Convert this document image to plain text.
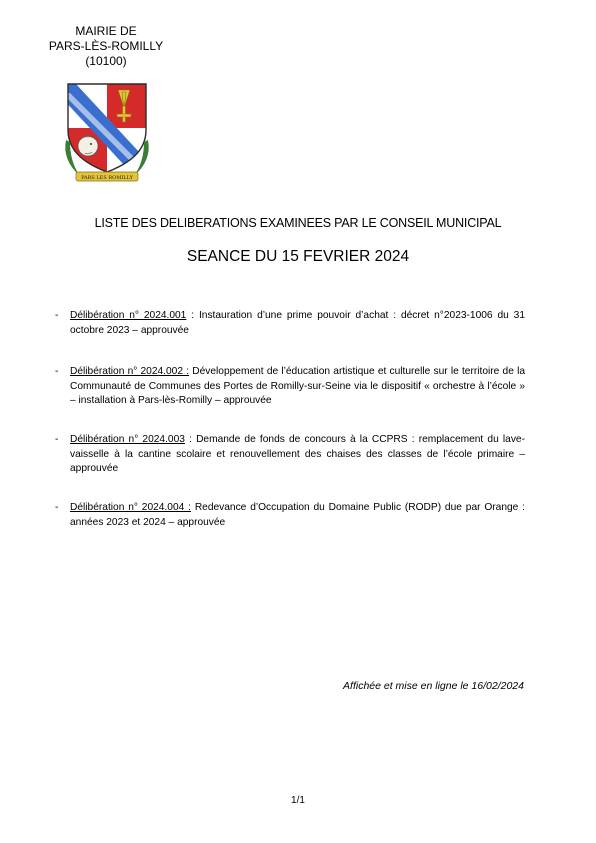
MAIRIE DE
PARS-LÈS-ROMILLY
(10100)
PARS LES ROMILLY
LISTE DES DELIBERATIONS EXAMINEES PAR LE CONSEIL MUNICIPAL
SEANCE DU 15 FEVRIER 2024
-	Délibération n° 2024.001 : Instauration d’une prime pouvoir d’achat : décret n°2023-1006 du 31 octobre 2023 – approuvée
-	Délibération n° 2024.002 : Développement de l’éducation artistique et culturelle sur le territoire de la Communauté de Communes des Portes de Romilly-sur-Seine via le dispositif « orchestre à l’école » – installation à Pars-lès-Romilly – approuvée
-	Délibération n° 2024.003 : Demande de fonds de concours à la CCPRS : remplacement du lave-vaisselle à la cantine scolaire et renouvellement des chaises des classes de l’école primaire – approuvée
-	Délibération n° 2024.004 : Redevance d’Occupation du Domaine Public (RODP) due par Orange : années 2023 et 2024 – approuvée
Affichée et mise en ligne le 16/02/2024
1/1
